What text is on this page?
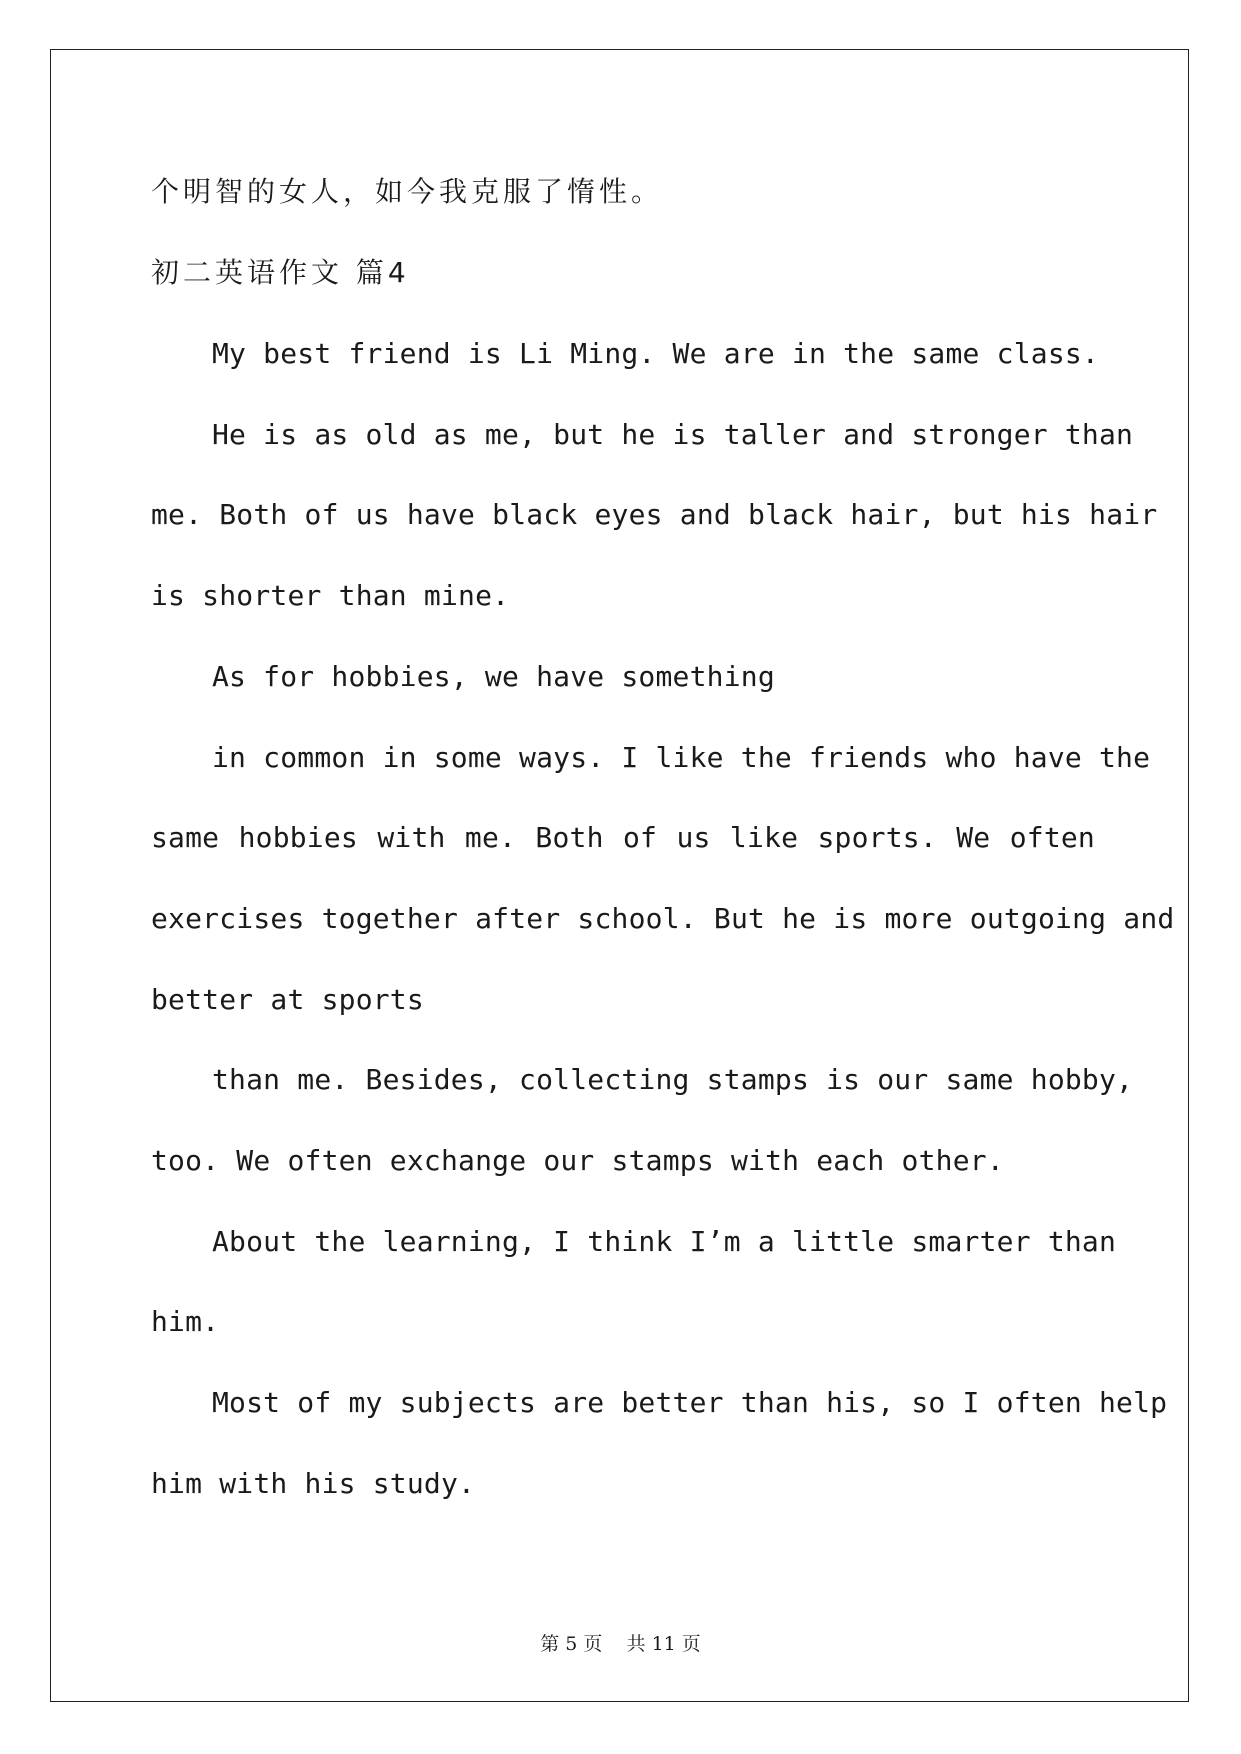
个明智的女人，如今我克服了惰性。

初二英语作文 篇4

My best friend is Li Ming. We are in the same class.

He is as old as me, but he is taller and stronger than

me. Both of us have black eyes and black hair, but his hair

is shorter than mine.

As for hobbies, we have something

in common in some ways. I like the friends who have the

same hobbies with me. Both of us like sports. We often

exercises together after school. But he is more outgoing and

better at sports

than me. Besides, collecting stamps is our same hobby,

too. We often exchange our stamps with each other.

About the learning, I think I’m a little smarter than

him.

Most of my subjects are better than his, so I often help

him with his study.

第 5 页    共 11 页
